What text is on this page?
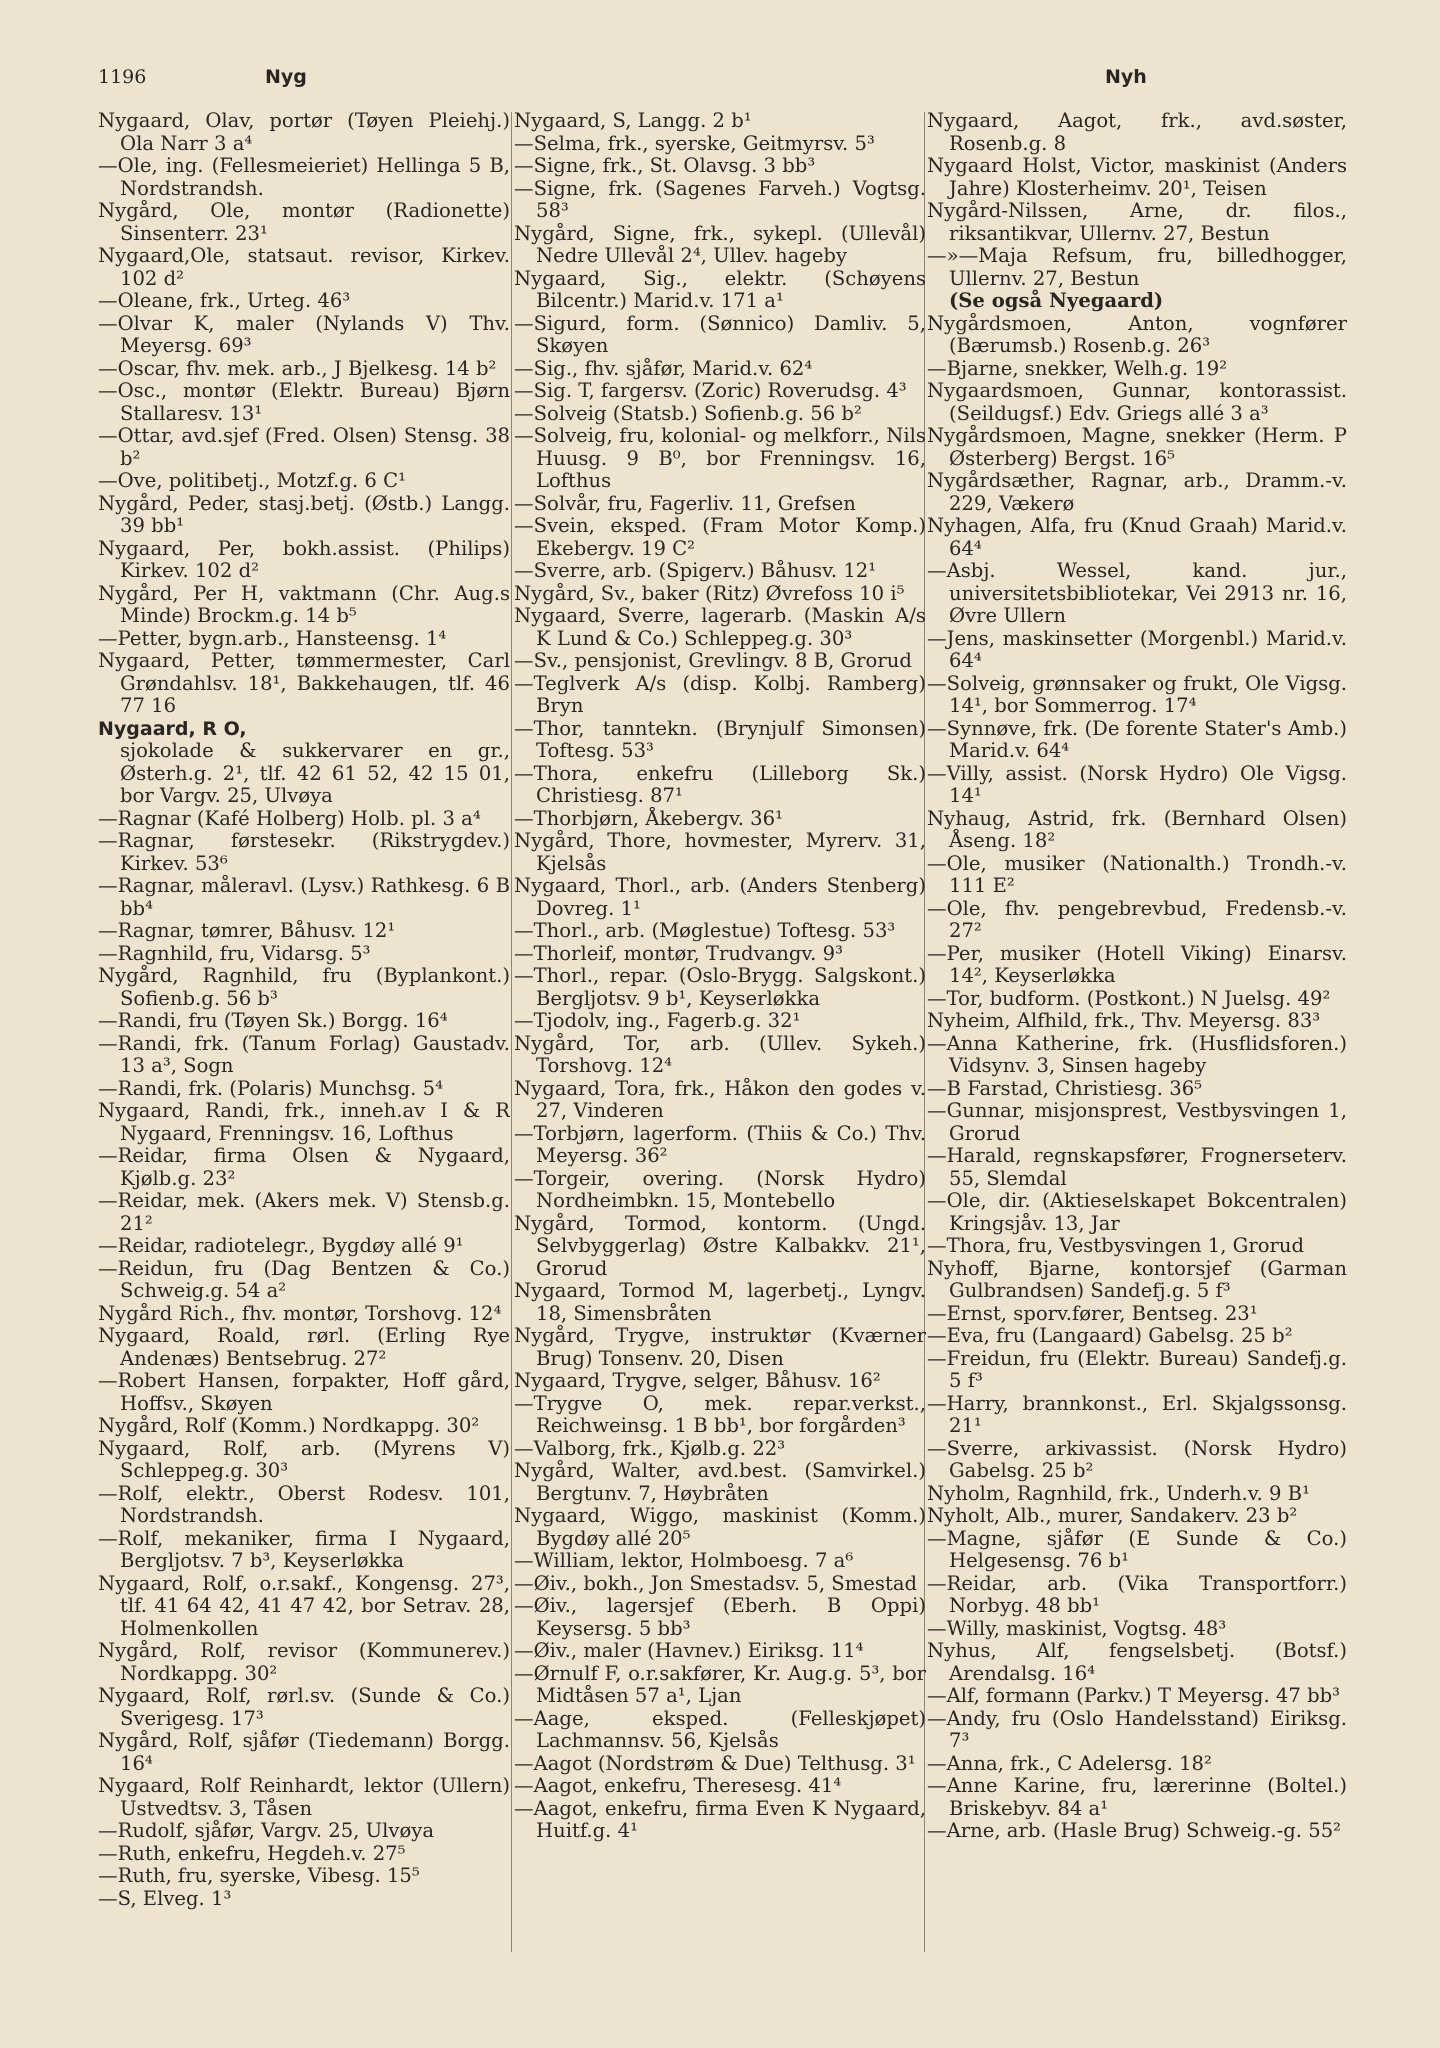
1196	Nyg	Nyh

Nygaard, Olav, portør (Tøyen Pleiehj.) Ola Narr 3 a⁴

—Ole, ing. (Fellesmeieriet) Hellinga 5 B, Nordstrandsh.

Nygård, Ole, montør (Radionette) Sinsenterr. 23¹

Nygaard,Ole, statsaut. revisor, Kirkev. 102 d²

—Oleane, frk., Urteg. 46³

—Olvar K, maler (Nylands V) Thv. Meyersg. 69³

—Oscar, fhv. mek. arb., J Bjelkesg. 14 b²

—Osc., montør (Elektr. Bureau) Bjørn Stallaresv. 13¹

—Ottar, avd.sjef (Fred. Olsen) Stensg. 38 b²

—Ove, politibetj., Motzf.g. 6 C¹

Nygård, Peder, stasj.betj. (Østb.) Langg. 39 bb¹

Nygaard, Per, bokh.assist. (Philips) Kirkev. 102 d²

Nygård, Per H, vaktmann (Chr. Aug.s Minde) Brockm.g. 14 b⁵

—Petter, bygn.arb., Hansteensg. 1⁴

Nygaard, Petter, tømmermester, Carl Grøndahlsv. 18¹, Bakkehaugen, tlf. 46 77 16

Nygaard, R O,

sjokolade & sukkervarer en gr., Østerh.g. 2¹, tlf. 42 61 52, 42 15 01, bor Vargv. 25, Ulvøya

—Ragnar (Kafé Holberg) Holb. pl. 3 a⁴

—Ragnar, førstesekr. (Rikstrygdev.) Kirkev. 53⁶

—Ragnar, måleravl. (Lysv.) Rathkesg. 6 B bb⁴

—Ragnar, tømrer, Båhusv. 12¹

—Ragnhild, fru, Vidarsg. 5³

Nygård, Ragnhild, fru (Byplankont.) Sofienb.g. 56 b³

—Randi, fru (Tøyen Sk.) Borgg. 16⁴

—Randi, frk. (Tanum Forlag) Gaustadv. 13 a³, Sogn

—Randi, frk. (Polaris) Munchsg. 5⁴

Nygaard, Randi, frk., inneh.av I & R Nygaard, Frenningsv. 16, Lofthus

—Reidar, firma Olsen & Nygaard, Kjølb.g. 23²

—Reidar, mek. (Akers mek. V) Stensb.g. 21²

—Reidar, radiotelegr., Bygdøy allé 9¹

—Reidun, fru (Dag Bentzen & Co.) Schweig.g. 54 a²

Nygård Rich., fhv. montør, Torshovg. 12⁴

Nygaard, Roald, rørl. (Erling Rye Andenæs) Bentsebrug. 27²

—Robert Hansen, forpakter, Hoff gård, Hoffsv., Skøyen

Nygård, Rolf (Komm.) Nordkappg. 30²

Nygaard, Rolf, arb. (Myrens V) Schleppeg.g. 30³

—Rolf, elektr., Oberst Rodesv. 101, Nordstrandsh.

—Rolf, mekaniker, firma I Nygaard, Bergljotsv. 7 b³, Keyserløkka

Nygaard, Rolf, o.r.sakf., Kongensg. 27³, tlf. 41 64 42, 41 47 42, bor Setrav. 28, Holmenkollen

Nygård, Rolf, revisor (Kommunerev.) Nordkappg. 30²

Nygaard, Rolf, rørl.sv. (Sunde & Co.) Sverigesg. 17³

Nygård, Rolf, sjåfør (Tiedemann) Borgg. 16⁴

Nygaard, Rolf Reinhardt, lektor (Ullern) Ustvedtsv. 3, Tåsen

—Rudolf, sjåfør, Vargv. 25, Ulvøya

—Ruth, enkefru, Hegdeh.v. 27⁵

—Ruth, fru, syerske, Vibesg. 15⁵

—S, Elveg. 1³

Nygaard, S, Langg. 2 b¹

—Selma, frk., syerske, Geitmyrsv. 5³

—Signe, frk., St. Olavsg. 3 bb³

—Signe, frk. (Sagenes Farveh.) Vogtsg. 58³

Nygård, Signe, frk., sykepl. (Ullevål) Nedre Ullevål 2⁴, Ullev. hageby

Nygaard, Sig., elektr. (Schøyens Bilcentr.) Marid.v. 171 a¹

—Sigurd, form. (Sønnico) Damliv. 5, Skøyen

—Sig., fhv. sjåfør, Marid.v. 62⁴

—Sig. T, fargersv. (Zoric) Roverudsg. 4³

—Solveig (Statsb.) Sofienb.g. 56 b²

—Solveig, fru, kolonial- og melkforr., Nils Huusg. 9 B⁰, bor Frenningsv. 16, Lofthus

—Solvår, fru, Fagerliv. 11, Grefsen

—Svein, eksped. (Fram Motor Komp.) Ekebergv. 19 C²

—Sverre, arb. (Spigerv.) Båhusv. 12¹

Nygård, Sv., baker (Ritz) Øvrefoss 10 i⁵

Nygaard, Sverre, lagerarb. (Maskin A/s K Lund & Co.) Schleppeg.g. 30³

—Sv., pensjonist, Grevlingv. 8 B, Grorud

—Teglverk A/s (disp. Kolbj. Ramberg) Bryn

—Thor, tanntekn. (Brynjulf Simonsen) Toftesg. 53³

—Thora, enkefru (Lilleborg Sk.) Christiesg. 87¹

—Thorbjørn, Åkebergv. 36¹

Nygård, Thore, hovmester, Myrerv. 31, Kjelsås

Nygaard, Thorl., arb. (Anders Stenberg) Dovreg. 1¹

—Thorl., arb. (Møglestue) Toftesg. 53³

—Thorleif, montør, Trudvangv. 9³

—Thorl., repar. (Oslo-Brygg. Salgskont.) Bergljotsv. 9 b¹, Keyserløkka

—Tjodolv, ing., Fagerb.g. 32¹

Nygård, Tor, arb. (Ullev. Sykeh.) Torshovg. 12⁴

Nygaard, Tora, frk., Håkon den godes v. 27, Vinderen

—Torbjørn, lagerform. (Thiis & Co.) Thv. Meyersg. 36²

—Torgeir, overing. (Norsk Hydro) Nordheimbkn. 15, Montebello

Nygård, Tormod, kontorm. (Ungd. Selvbyggerlag) Østre Kalbakkv. 21¹, Grorud

Nygaard, Tormod M, lagerbetj., Lyngv. 18, Simensbråten

Nygård, Trygve, instruktør (Kværner Brug) Tonsenv. 20, Disen

Nygaard, Trygve, selger, Båhusv. 16²

—Trygve O, mek. repar.verkst., Reichweinsg. 1 B bb¹, bor forgården³

—Valborg, frk., Kjølb.g. 22³

Nygård, Walter, avd.best. (Samvirkel.) Bergtunv. 7, Høybråten

Nygaard, Wiggo, maskinist (Komm.) Bygdøy allé 20⁵

—William, lektor, Holmboesg. 7 a⁶

—Øiv., bokh., Jon Smestadsv. 5, Smestad

—Øiv., lagersjef (Eberh. B Oppi) Keysersg. 5 bb³

—Øiv., maler (Havnev.) Eiriksg. 11⁴

—Ørnulf F, o.r.sakfører, Kr. Aug.g. 5³, bor Midtåsen 57 a¹, Ljan

—Aage, eksped. (Felleskjøpet) Lachmannsv. 56, Kjelsås

—Aagot (Nordstrøm & Due) Telthusg. 3¹

—Aagot, enkefru, Theresesg. 41⁴

—Aagot, enkefru, firma Even K Nygaard, Huitf.g. 4¹

Nygaard, Aagot, frk., avd.søster, Rosenb.g. 8

Nygaard Holst, Victor, maskinist (Anders Jahre) Klosterheimv. 20¹, Teisen

Nygård-Nilssen, Arne, dr. filos., riksantikvar, Ullernv. 27, Bestun

—»—Maja Refsum, fru, billedhogger, Ullernv. 27, Bestun

(Se også Nyegaard)

Nygårdsmoen, Anton, vognfører (Bærumsb.) Rosenb.g. 26³

—Bjarne, snekker, Welh.g. 19²

Nygaardsmoen, Gunnar, kontorassist. (Seildugsf.) Edv. Griegs allé 3 a³

Nygårdsmoen, Magne, snekker (Herm. P Østerberg) Bergst. 16⁵

Nygårdsæther, Ragnar, arb., Dramm.-v. 229, Vækerø

Nyhagen, Alfa, fru (Knud Graah) Marid.v. 64⁴

—Asbj. Wessel, kand. jur., universitetsbibliotekar, Vei 2913 nr. 16, Øvre Ullern

—Jens, maskinsetter (Morgenbl.) Marid.v. 64⁴

—Solveig, grønnsaker og frukt, Ole Vigsg. 14¹, bor Sommerrog. 17⁴

—Synnøve, frk. (De forente Stater's Amb.) Marid.v. 64⁴

—Villy, assist. (Norsk Hydro) Ole Vigsg. 14¹

Nyhaug, Astrid, frk. (Bernhard Olsen) Åseng. 18²

—Ole, musiker (Nationalth.) Trondh.-v. 111 E²

—Ole, fhv. pengebrevbud, Fredensb.-v. 27²

—Per, musiker (Hotell Viking) Einarsv. 14², Keyserløkka

—Tor, budform. (Postkont.) N Juelsg. 49²

Nyheim, Alfhild, frk., Thv. Meyersg. 83³

—Anna Katherine, frk. (Husflidsforen.) Vidsynv. 3, Sinsen hageby

—B Farstad, Christiesg. 36⁵

—Gunnar, misjonsprest, Vestbysvingen 1, Grorud

—Harald, regnskapsfører, Frognerseterv. 55, Slemdal

—Ole, dir. (Aktieselskapet Bokcentralen) Kringsjåv. 13, Jar

—Thora, fru, Vestbysvingen 1, Grorud

Nyhoff, Bjarne, kontorsjef (Garman Gulbrandsen) Sandefj.g. 5 f³

—Ernst, sporv.fører, Bentseg. 23¹

—Eva, fru (Langaard) Gabelsg. 25 b²

—Freidun, fru (Elektr. Bureau) Sandefj.g. 5 f³

—Harry, brannkonst., Erl. Skjalgssonsg. 21¹

—Sverre, arkivassist. (Norsk Hydro) Gabelsg. 25 b²

Nyholm, Ragnhild, frk., Underh.v. 9 B¹

Nyholt, Alb., murer, Sandakerv. 23 b²

—Magne, sjåfør (E Sunde & Co.) Helgesensg. 76 b¹

—Reidar, arb. (Vika Transportforr.) Norbyg. 48 bb¹

—Willy, maskinist, Vogtsg. 48³

Nyhus, Alf, fengselsbetj. (Botsf.) Arendalsg. 16⁴

—Alf, formann (Parkv.) T Meyersg. 47 bb³

—Andy, fru (Oslo Handelsstand) Eiriksg. 7³

—Anna, frk., C Adelersg. 18²

—Anne Karine, fru, lærerinne (Boltel.) Briskebyv. 84 a¹

—Arne, arb. (Hasle Brug) Schweig.-g. 55²
